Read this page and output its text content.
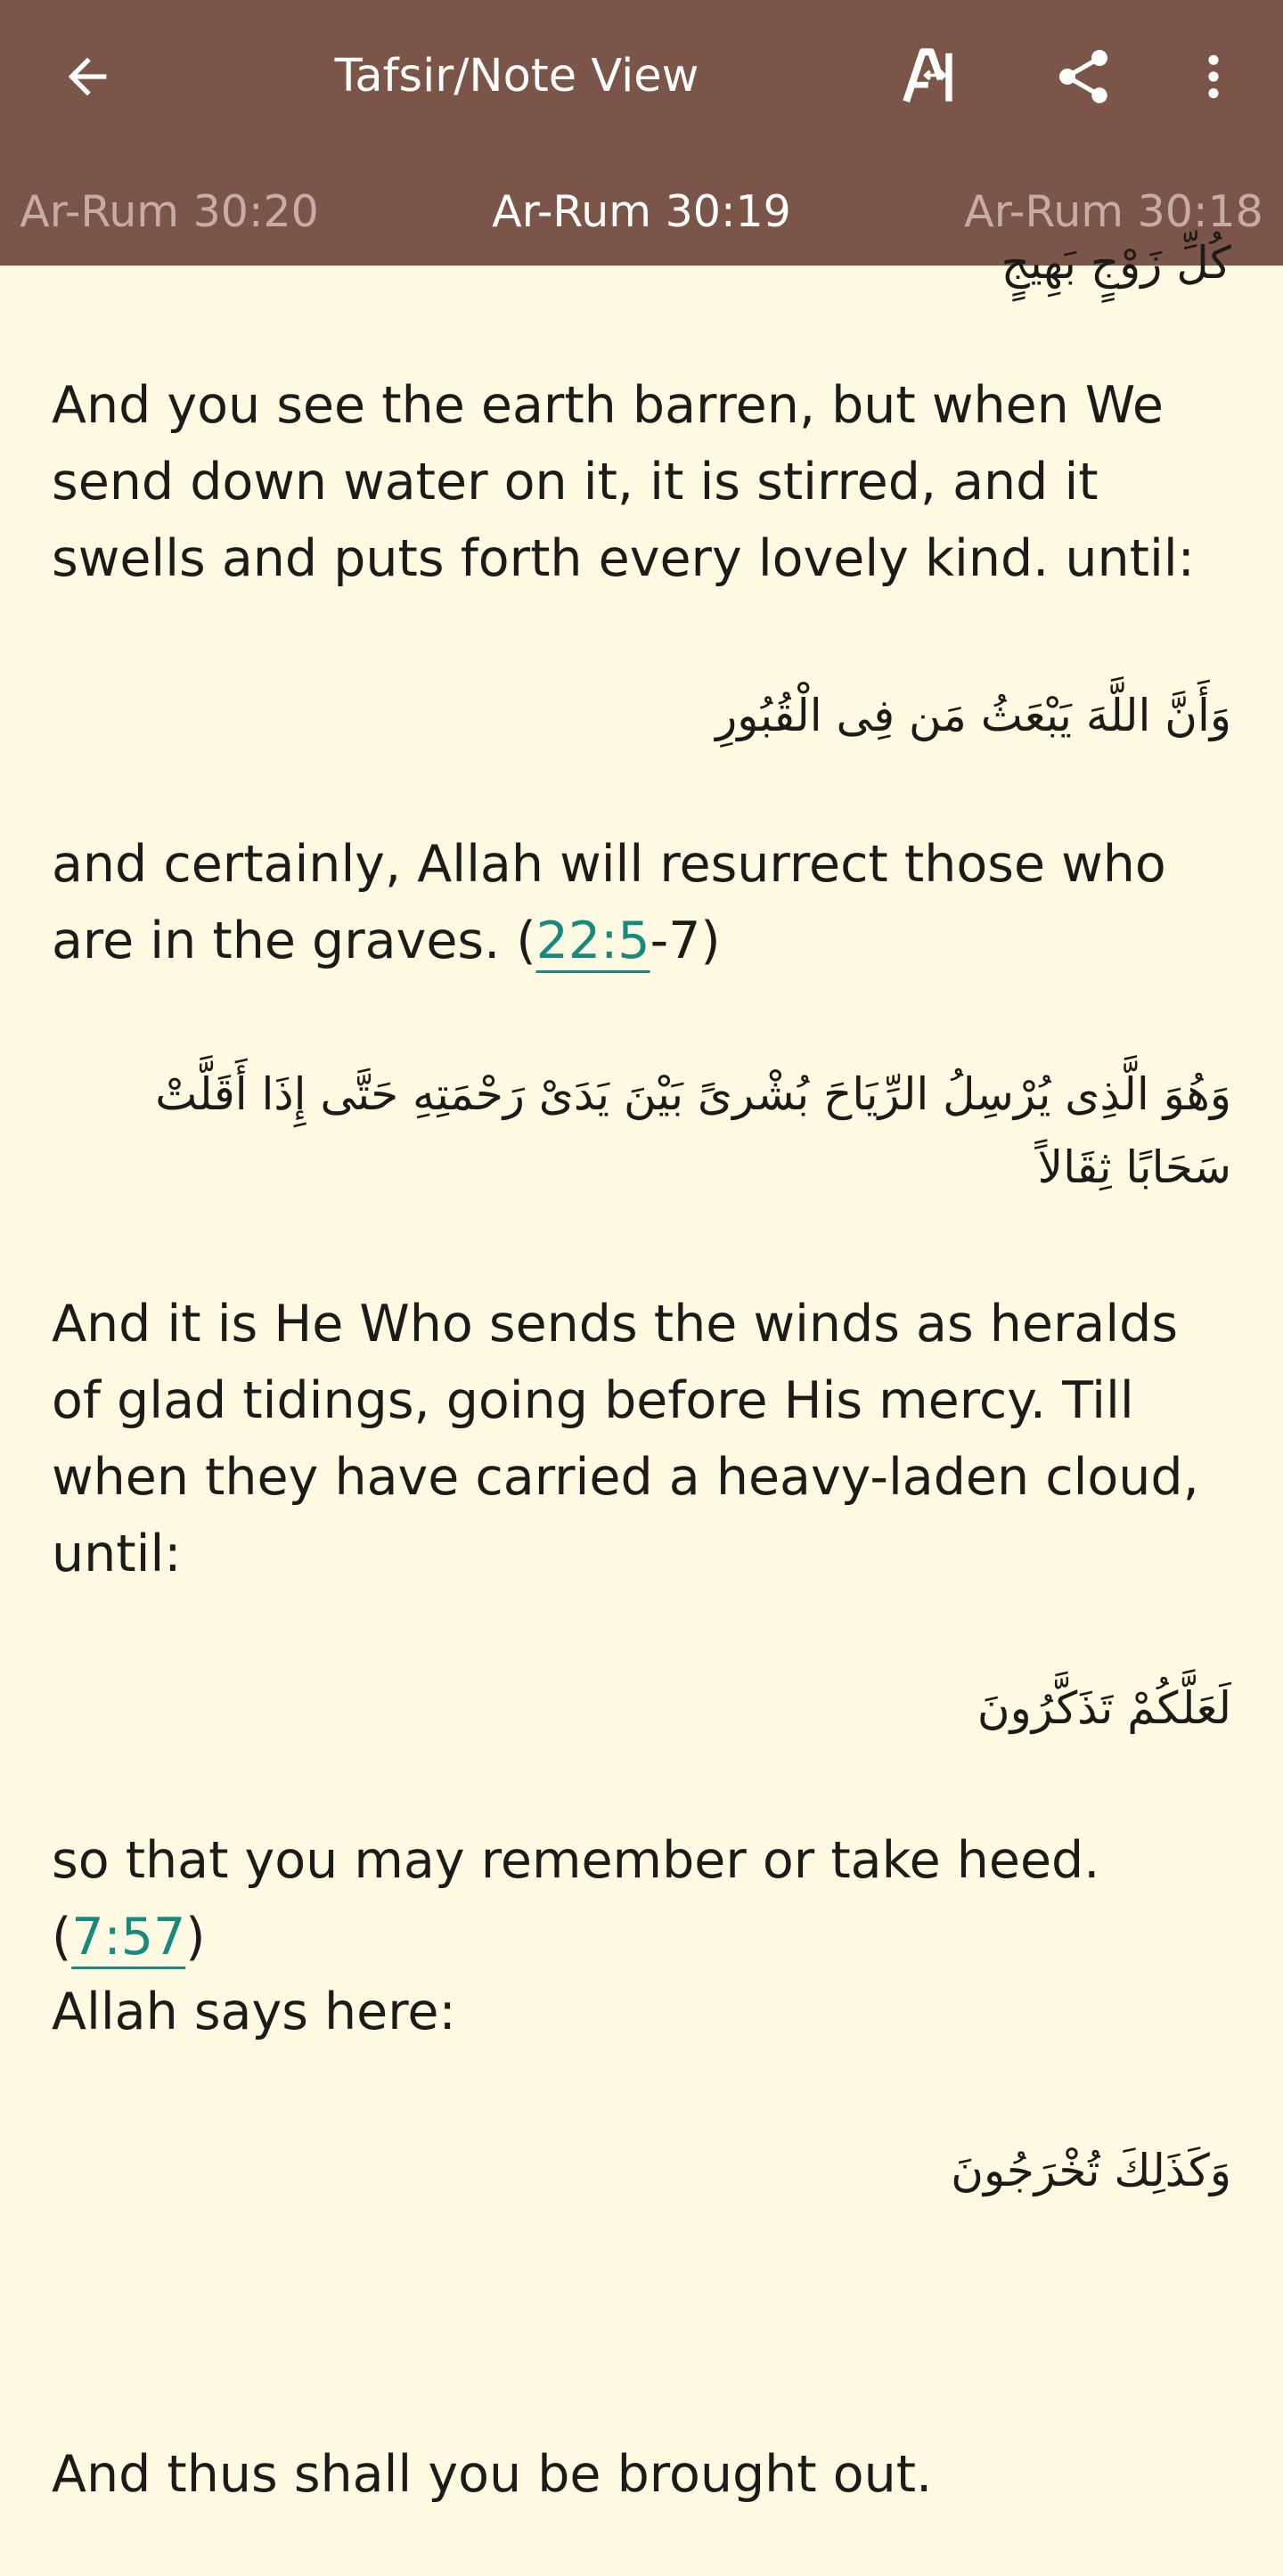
Tafsir/Note View
Ar-Rum 30:20	Ar-Rum 30:19	Ar-Rum 30:18
كُلِّ زَوْجٍ بَهِيجٍ
And you see the earth barren, but when We send down water on it, it is stirred, and it swells and puts forth every lovely kind. until:
وَأَنَّ اللَّهَ يَبْعَثُ مَن فِى الْقُبُورِ
and certainly, Allah will resurrect those who are in the graves. (22:5-7)
وَهُوَ الَّذِى يُرْسِلُ الرِّيَاحَ بُشْرىً بَيْنَ يَدَىْ رَحْمَتِهِ حَتَّى إِذَا أَقَلَّتْ سَحَابًا ثِقَالاً
And it is He Who sends the winds as heralds of glad tidings, going before His mercy. Till when they have carried a heavy-laden cloud, until:
لَعَلَّكُمْ تَذَكَّرُونَ
so that you may remember or take heed. (7:57)
Allah says here:
وَكَذَلِكَ تُخْرَجُونَ
And thus shall you be brought out.
